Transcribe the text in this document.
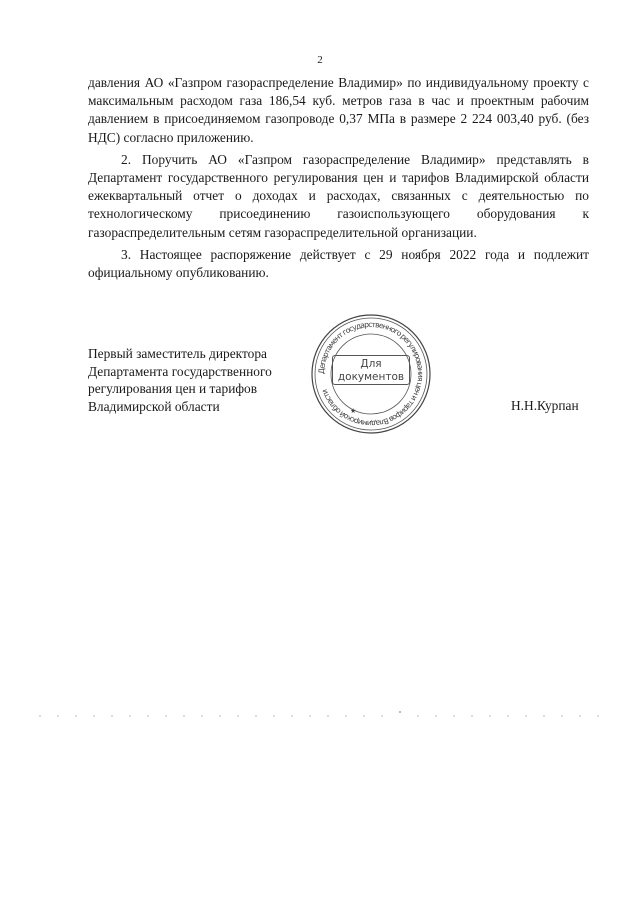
2

давления АО «Газпром газораспределение Владимир» по индивидуальному проекту с максимальным расходом газа 186,54 куб. метров газа в час и проектным рабочим давлением в присоединяемом газопроводе 0,37 МПа в размере 2 224 003,40 руб. (без НДС) согласно приложению.

2. Поручить АО «Газпром газораспределение Владимир» представлять в Департамент государственного регулирования цен и тарифов Владимирской области ежеквартальный отчет о доходах и расходах, связанных с деятельностью по технологическому присоединению газоиспользующего оборудования к газораспределительным сетям газораспределительной организации.

3. Настоящее распоряжение действует с 29 ноября 2022 года и подлежит официальному опубликованию.

Первый заместитель директора
Департамента государственного
регулирования цен и тарифов
Владимирской области
Департамент государственного регулирования цен и тарифов Владимирской области
★
Для
документов
Н.Н.Курпан
